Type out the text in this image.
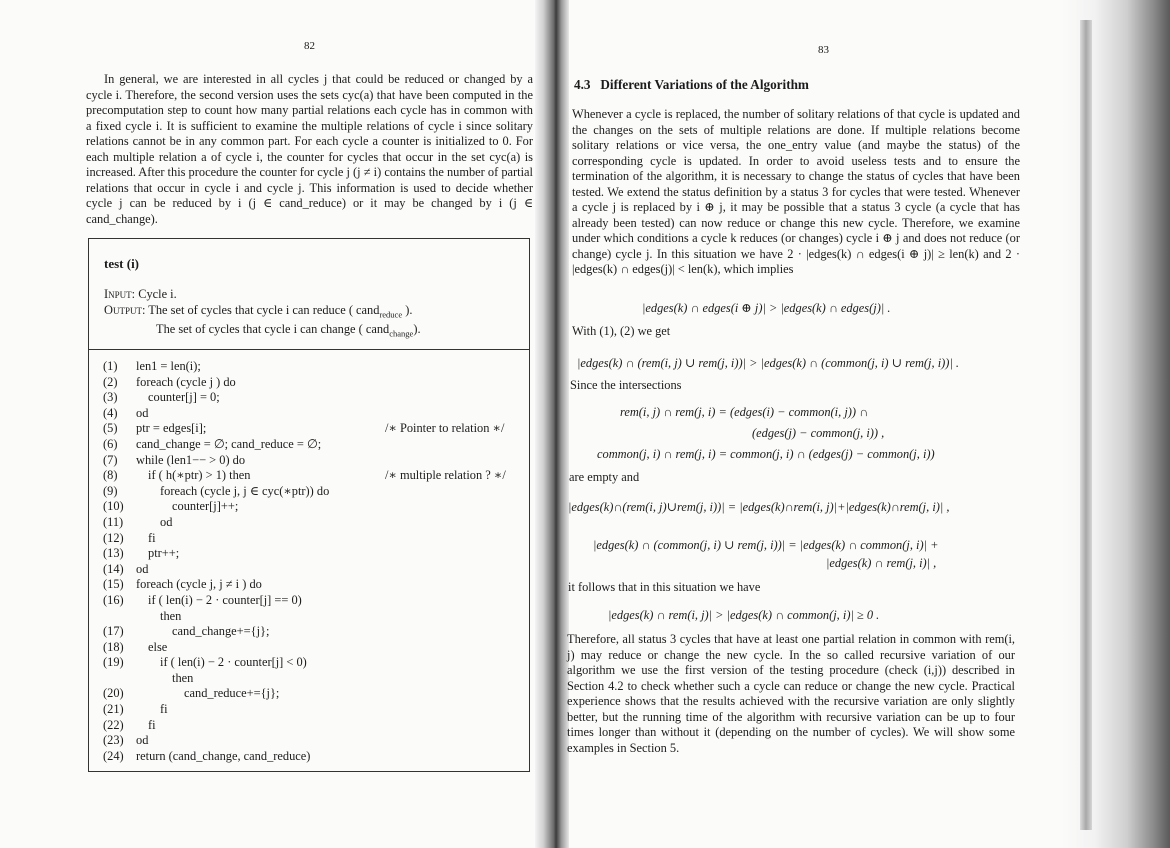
82

In general, we are interested in all cycles j that could be reduced or changed by a cycle i. Therefore, the second version uses the sets cyc(a) that have been computed in the precomputation step to count how many partial relations each cycle has in common with a fixed cycle i. It is sufficient to examine the multiple relations of cycle i since solitary relations cannot be in any common part. For each cycle a counter is initialized to 0. For each multiple relation a of cycle i, the counter for cycles that occur in the set cyc(a) is increased. After this procedure the counter for cycle j (j ≠ i) contains the number of partial relations that occur in cycle i and cycle j. This information is used to decide whether cycle j can be reduced by i (j ∈ cand_reduce) or it may be changed by i (j ∈ cand_change).

test (i)
Input: Cycle i.
Output: The set of cycles that cycle i can reduce ( cand$_{reduce}$ ).
The set of cycles that cycle i can change ( cand$_{change}$).
(1)	len1 = len(i);
(2)	foreach (cycle j ) do
(3)	counter[j] = 0;
(4)	od
(5)	ptr = edges[i];	/∗ Pointer to relation ∗/
(6)	cand_change = ∅; cand_reduce = ∅;
(7)	while (len1−− > 0) do
(8)	if ( h(∗ptr) > 1) then	/∗ multiple relation ? ∗/
(9)	foreach (cycle j, j ∈ cyc(∗ptr)) do
(10)	counter[j]++;
(11)	od
(12)	fi
(13)	ptr++;
(14) od
(15) foreach (cycle j, j ≠ i ) do
(16)	if ( len(i) − 2 · counter[j] == 0)
then
(17)	cand_change+={j};
(18)	else
(19)	if ( len(i) − 2 · counter[j] < 0)
then
(20)	cand_reduce+={j};
(21)	fi
(22)	fi
(23) od
(24) return (cand_change, cand_reduce)
83
4.3 Different Variations of the Algorithm
Whenever a cycle is replaced, the number of solitary relations of that cycle is updated and the changes on the sets of multiple relations are done. If multiple relations become solitary relations or vice versa, the one_entry value (and maybe the status) of the corresponding cycle is updated. In order to avoid useless tests and to ensure the termination of the algorithm, it is necessary to change the status of cycles that have been tested. We extend the status definition by a status 3 for cycles that were tested. Whenever a cycle j is replaced by i ⊕ j, it may be possible that a status 3 cycle (a cycle that has already been tested) can now reduce or change this new cycle. Therefore, we examine under which conditions a cycle k reduces (or changes) cycle i ⊕ j and does not reduce (or change) cycle j. In this situation we have 2 · |edges(k) ∩ edges(i ⊕ j)| ≥ len(k) and 2 · |edges(k) ∩ edges(j)| < len(k), which implies
|edges(k) ∩ edges(i ⊕ j)| > |edges(k) ∩ edges(j)| .
With (1), (2) we get
|edges(k) ∩ (rem(i, j) ∪ rem(j, i))| > |edges(k) ∩ (common(j, i) ∪ rem(j, i))| .
Since the intersections
rem(i, j) ∩ rem(j, i) = (edges(i) − common(i, j)) ∩
(edges(j) − common(j, i)) ,
common(j, i) ∩ rem(j, i) = common(j, i) ∩ (edges(j) − common(j, i))
are empty and
|edges(k)∩(rem(i, j)∪rem(j, i))| = |edges(k)∩rem(i, j)|+|edges(k)∩rem(j, i)| ,
|edges(k) ∩ (common(j, i) ∪ rem(j, i))| = |edges(k) ∩ common(j, i)| +
|edges(k) ∩ rem(j, i)| ,
it follows that in this situation we have
|edges(k) ∩ rem(i, j)| > |edges(k) ∩ common(j, i)| ≥ 0 .
Therefore, all status 3 cycles that have at least one partial relation in common with rem(i, j) may reduce or change the new cycle. In the so called recursive variation of our algorithm we use the first version of the testing procedure (check (i,j)) described in Section 4.2 to check whether such a cycle can reduce or change the new cycle. Practical experience shows that the results achieved with the recursive variation are only slightly better, but the running time of the algorithm with recursive variation can be up to four times longer than without it (depending on the number of cycles). We will show some examples in Section 5.
